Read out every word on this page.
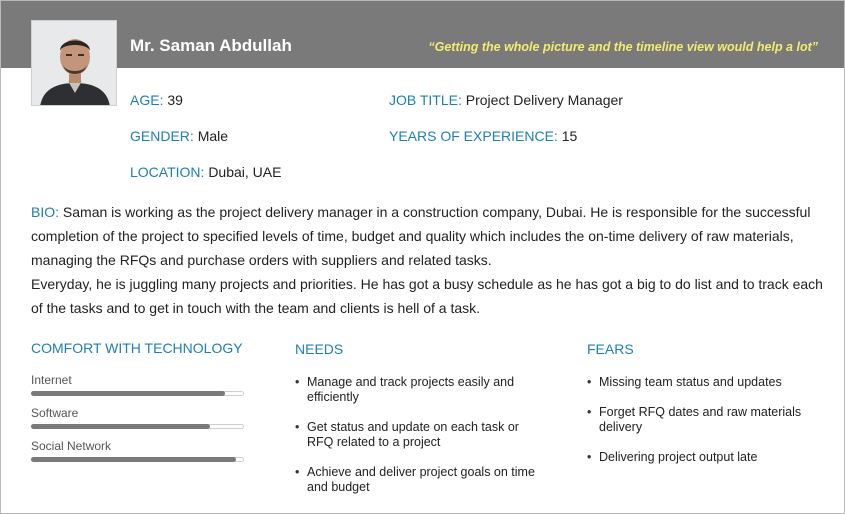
Mr. Saman Abdullah	“Getting the whole picture and the timeline view would help a lot”
AGE: 39
GENDER: Male
LOCATION: Dubai, UAE
JOB TITLE: Project Delivery Manager
YEARS OF EXPERIENCE: 15
BIO: Saman is working as the project delivery manager in a construction company, Dubai. He is responsible for the successful completion of the project to specified levels of time, budget and quality which includes the on-time delivery of raw materials, managing the RFQs and purchase orders with suppliers and related tasks.
Everyday, he is juggling many projects and priorities. He has got a busy schedule as he has got a big to do list and to track each of the tasks and to get in touch with the team and clients is hell of a task.
COMFORT WITH TECHNOLOGY
Internet
Software
Social Network
NEEDS
• Manage and track projects easily and efficiently
• Get status and update on each task or RFQ related to a project
• Achieve and deliver project goals on time and budget
FEARS
• Missing team status and updates
• Forget RFQ dates and raw materials delivery
• Delivering project output late
